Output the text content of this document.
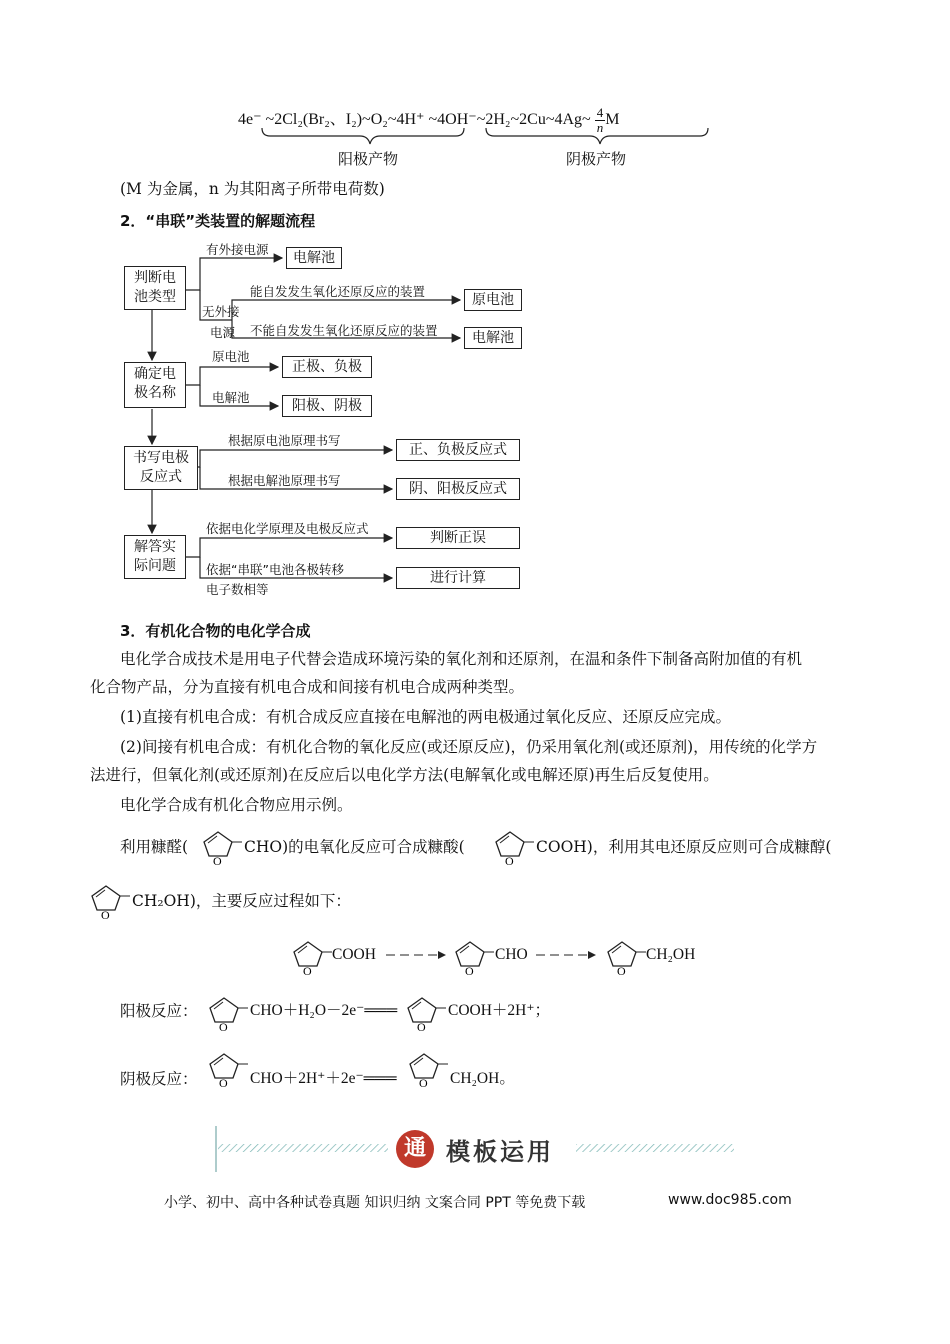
4e⁻ ~2Cl₂(Br₂、I₂)~O₂~4H⁺ ~4OH⁻~2H₂~2Cu~4Ag~ $\frac{4}{n}$ M
阳极产物	阴极产物
(M 为金属，n 为其阳离子所带电荷数)
2．“串联”类装置的解题流程
判断电池类型
确定电极名称
书写电极反应式
解答实际问题
有外接电源
电解池
无外接
电源
能自发发生氧化还原反应的装置
原电池
不能自发发生氧化还原反应的装置	电解池
原电池
正极、负极
电解池
阳极、阴极
根据原电池原理书写
正、负极反应式
根据电解池原理书写
阴、阳极反应式
依据电化学原理及电极反应式
判断正误
依据“串联”电池各极转移
电子数相等
进行计算
3．有机化合物的电化学合成
电化学合成技术是用电子代替会造成环境污染的氧化剂和还原剂，在温和条件下制备高附加值的有机
化合物产品，分为直接有机电合成和间接有机电合成两种类型。
(1)直接有机电合成：有机合成反应直接在电解池的两电极通过氧化反应、还原反应完成。
(2)间接有机电合成：有机化合物的氧化反应(或还原反应)，仍采用氧化剂(或还原剂)，用传统的化学方
法进行，但氧化剂(或还原剂)在反应后以电化学方法(电解氧化或电解还原)再生后反复使用。
电化学合成有机化合物应用示例。
利用糠醛(
O
CHO)的电氧化反应可合成糠酸(
O
COOH)，利用其电还原反应则可合成糠醇(
O
CH₂OH)，主要反应过程如下：
O
COOH
O
CHO
O
CH₂OH
阳极反应：
O
CHO＋H₂O－2e⁻═══
O
COOH＋2H⁺；
阴极反应： O CHO＋2H⁺＋2e⁻═══ O CH₂OH。
通 模板运用
小学、初中、高中各种试卷真题 知识归纳 文案合同 PPT 等免费下载	www.doc985.com
